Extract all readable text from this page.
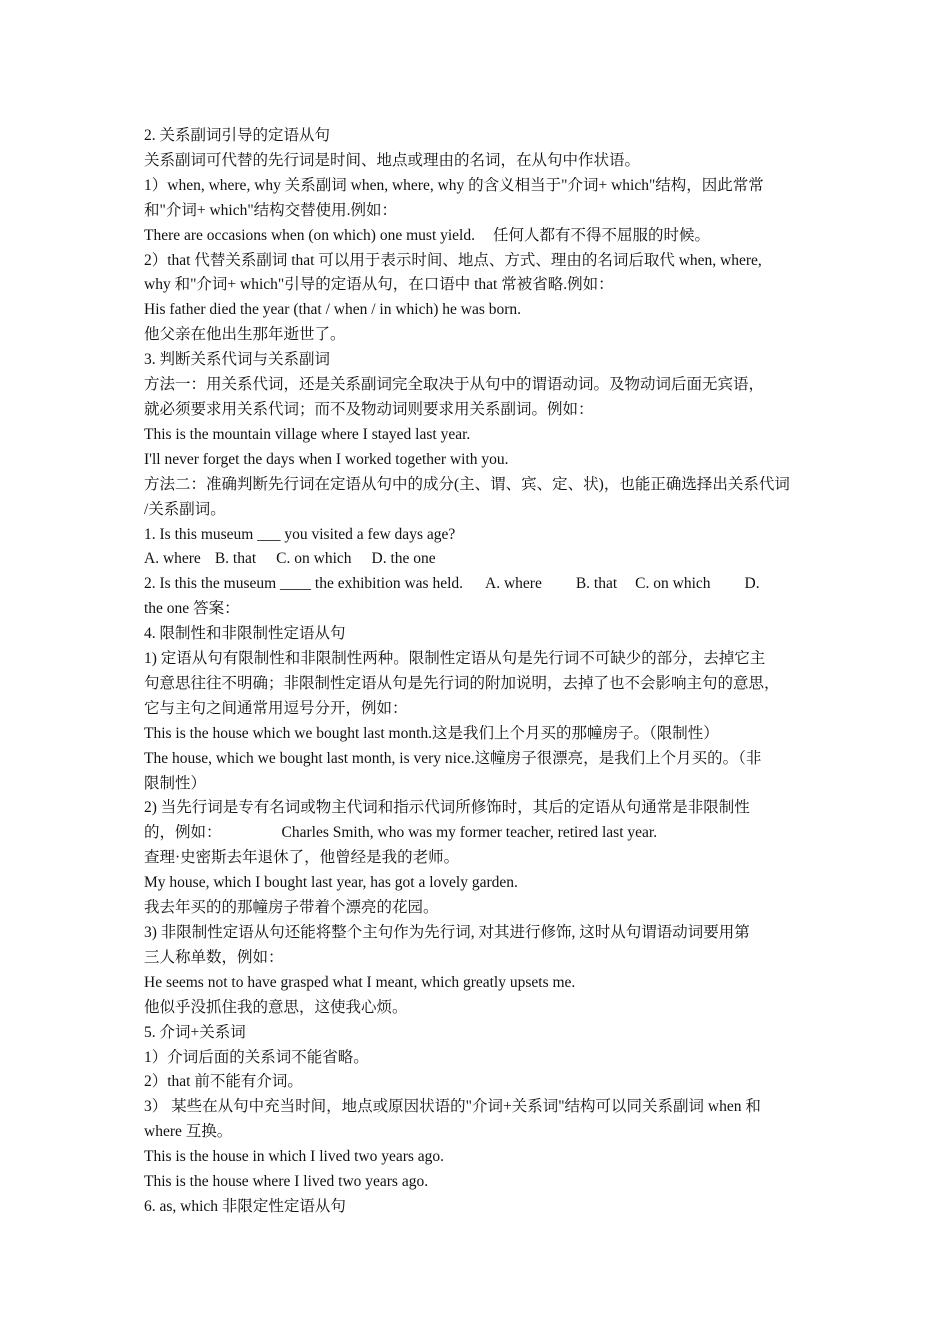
2. 关系副词引导的定语从句
关系副词可代替的先行词是时间、地点或理由的名词，在从句中作状语。
1）when, where, why 关系副词 when, where, why 的含义相当于"介词+ which"结构，因此常常
和"介词+ which"结构交替使用.例如：
There are occasions when (on which) one must yield. 任何人都有不得不屈服的时候。
2）that 代替关系副词 that 可以用于表示时间、地点、方式、理由的名词后取代 when, where,
why 和"介词+ which"引导的定语从句，在口语中 that 常被省略.例如：
His father died the year (that / when / in which) he was born.
他父亲在他出生那年逝世了。
3. 判断关系代词与关系副词
方法一：用关系代词，还是关系副词完全取决于从句中的谓语动词。及物动词后面无宾语，
就必须要求用关系代词；而不及物动词则要求用关系副词。例如：
This is the mountain village where I stayed last year.
I'll never forget the days when I worked together with you.
方法二：准确判断先行词在定语从句中的成分(主、谓、宾、定、状)，也能正确选择出关系代词
/关系副词。
1. Is this museum ___ you visited a few days age?
A. where B. that C. on which D. the one
2. Is this the museum ____ the exhibition was held. A. where B. that C. on which D.
the one 答案：
4. 限制性和非限制性定语从句
1) 定语从句有限制性和非限制性两种。限制性定语从句是先行词不可缺少的部分，去掉它主
句意思往往不明确；非限制性定语从句是先行词的附加说明，去掉了也不会影响主句的意思，
它与主句之间通常用逗号分开，例如：
This is the house which we bought last month.这是我们上个月买的那幢房子。（限制性）
The house, which we bought last month, is very nice.这幢房子很漂亮，是我们上个月买的。（非
限制性）
2) 当先行词是专有名词或物主代词和指示代词所修饰时，其后的定语从句通常是非限制性
的，例如：	Charles Smith, who was my former teacher, retired last year.
查理·史密斯去年退休了，他曾经是我的老师。
My house, which I bought last year, has got a lovely garden.
我去年买的的那幢房子带着个漂亮的花园。
3) 非限制性定语从句还能将整个主句作为先行词, 对其进行修饰, 这时从句谓语动词要用第
三人称单数，例如：
He seems not to have grasped what I meant, which greatly upsets me.
他似乎没抓住我的意思，这使我心烦。
5. 介词+关系词
1）介词后面的关系词不能省略。
2）that 前不能有介词。
3） 某些在从句中充当时间，地点或原因状语的"介词+关系词"结构可以同关系副词 when 和
where 互换。
This is the house in which I lived two years ago.
This is the house where I lived two years ago.
6. as, which 非限定性定语从句
